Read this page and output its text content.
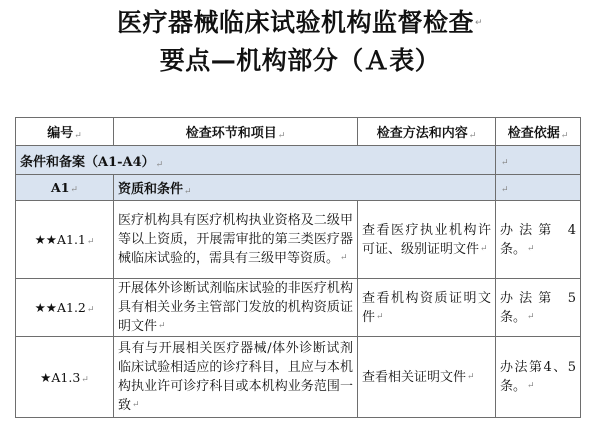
医疗器械临床试验机构监督检查↵
要点—机构部分（Ａ表）
编号↵	检查环节和项目↵	检查方法和内容↵	检查依据↵
条件和备案（A1-A4）↵			↵
A1↵	资质和条件↵		↵
★★A1.1↵	医疗机构具有医疗机构执业资格及二级甲等以上资质，开展需审批的第三类医疗器械临床试验的，需具有三级甲等资质。↵	查看医疗执业机构许可证、级别证明文件↵	办法第 4 条。↵
★★A1.2↵	开展体外诊断试剂临床试验的非医疗机构具有相关业务主管部门发放的机构资质证明文件↵	查看机构资质证明文件↵	办法第 5 条。↵
★A1.3↵	具有与开展相关医疗器械/体外诊断试剂临床试验相适应的诊疗科目，且应与本机构执业许可诊疗科目或本机构业务范围一致↵	查看相关证明文件↵	办法第4、5 条。↵
